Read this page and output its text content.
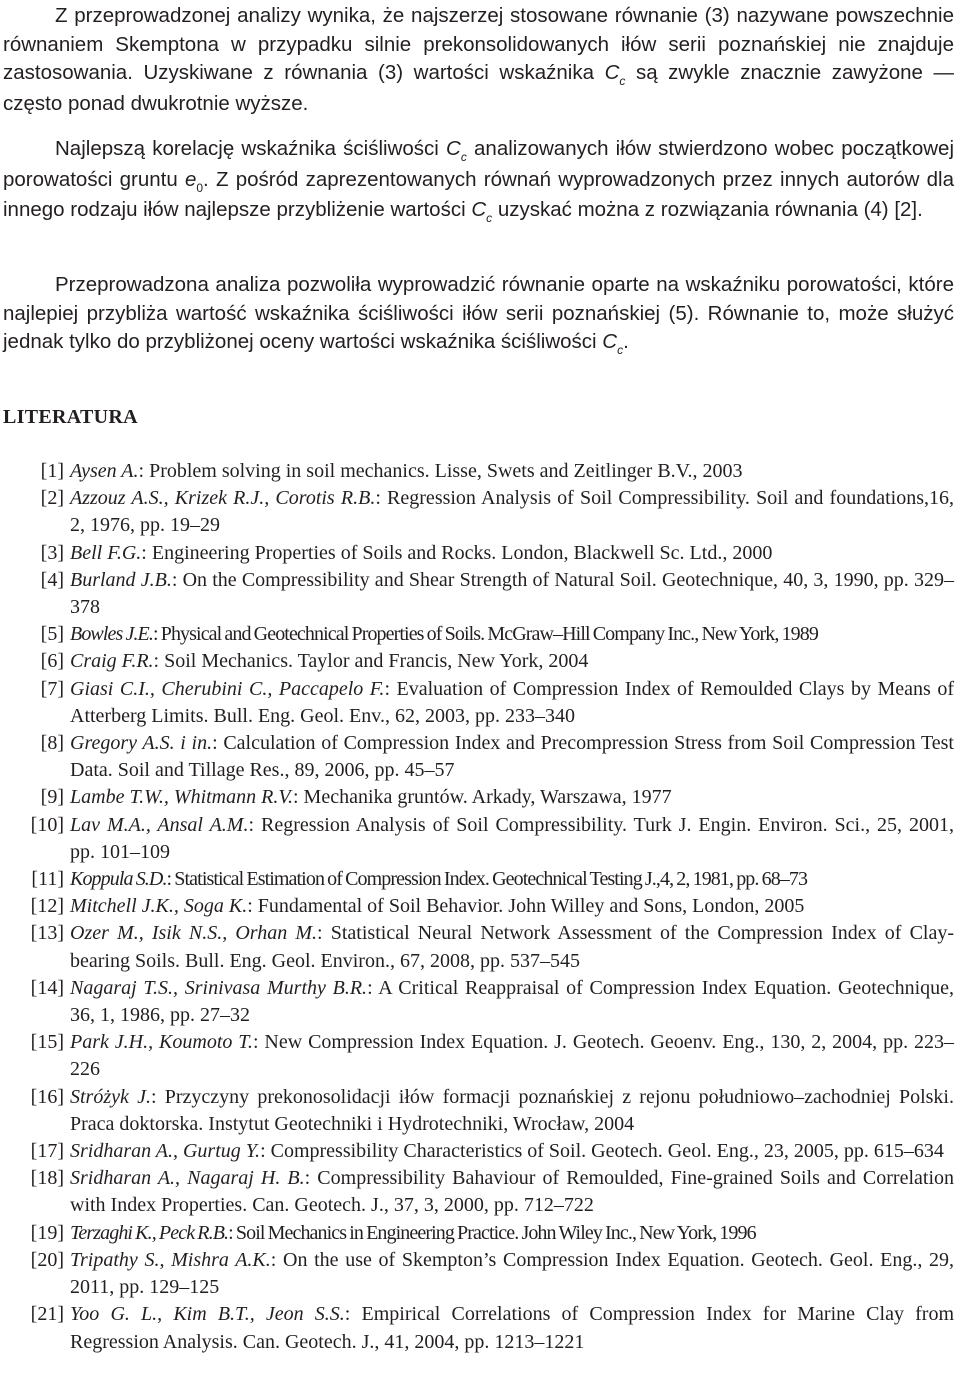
Z przeprowadzonej analizy wynika, że najszerzej stosowane równanie (3) nazywane powszechnie równaniem Skemptona w przypadku silnie prekonsolidowanych iłów serii poznańskiej nie znajduje zastosowania. Uzyskiwane z równania (3) wartości wskaźnika $C_c$ są zwykle znacznie zawyżone — często ponad dwukrotnie wyższe.

Najlepszą korelację wskaźnika ściśliwości $C_c$ analizowanych iłów stwierdzono wobec początkowej porowatości gruntu $e_0$. Z pośród zaprezentowanych równań wyprowadzonych przez innych autorów dla innego rodzaju iłów najlepsze przybliżenie wartości $C_c$ uzyskać można z rozwiązania równania (4) [2].

Przeprowadzona analiza pozwoliła wyprowadzić równanie oparte na wskaźniku porowatości, które najlepiej przybliża wartość wskaźnika ściśliwości iłów serii poznańskiej (5). Równanie to, może służyć jednak tylko do przybliżonej oceny wartości wskaźnika ściśliwości $C_c$.

LITERATURA
[1] Aysen A.: Problem solving in soil mechanics. Lisse, Swets and Zeitlinger B.V., 2003
[2] Azzouz A.S., Krizek R.J., Corotis R.B.: Regression Analysis of Soil Compressibility. Soil and foundations,16, 2, 1976, pp. 19–29
[3] Bell F.G.: Engineering Properties of Soils and Rocks. London, Blackwell Sc. Ltd., 2000
[4] Burland J.B.: On the Compressibility and Shear Strength of Natural Soil. Geotechnique, 40, 3, 1990, pp. 329–378
[5] Bowles J.E.: Physical and Geotechnical Properties of Soils. McGraw–Hill Company Inc., New York, 1989
[6] Craig F.R.: Soil Mechanics. Taylor and Francis, New York, 2004
[7] Giasi C.I., Cherubini C., Paccapelo F.: Evaluation of Compression Index of Remoulded Clays by Means of Atterberg Limits. Bull. Eng. Geol. Env., 62, 2003, pp. 233–340
[8] Gregory A.S. i in.: Calculation of Compression Index and Precompression Stress from Soil Compression Test Data. Soil and Tillage Res., 89, 2006, pp. 45–57
[9] Lambe T.W., Whitmann R.V.: Mechanika gruntów. Arkady, Warszawa, 1977
[10] Lav M.A., Ansal A.M.: Regression Analysis of Soil Compressibility. Turk J. Engin. Environ. Sci., 25, 2001, pp. 101–109
[11] Koppula S.D.: Statistical Estimation of Compression Index. Geotechnical Testing J.,4, 2, 1981, pp. 68–73
[12] Mitchell J.K., Soga K.: Fundamental of Soil Behavior. John Willey and Sons, London, 2005
[13] Ozer M., Isik N.S., Orhan M.: Statistical Neural Network Assessment of the Compression Index of Clay-bearing Soils. Bull. Eng. Geol. Environ., 67, 2008, pp. 537–545
[14] Nagaraj T.S., Srinivasa Murthy B.R.: A Critical Reappraisal of Compression Index Equation. Geotechnique, 36, 1, 1986, pp. 27–32
[15] Park J.H., Koumoto T.: New Compression Index Equation. J. Geotech. Geoenv. Eng., 130, 2, 2004, pp. 223–226
[16] Stróżyk J.: Przyczyny prekonosolidacji iłów formacji poznańskiej z rejonu południowo–zachodniej Polski. Praca doktorska. Instytut Geotechniki i Hydrotechniki, Wrocław, 2004
[17] Sridharan A., Gurtug Y.: Compressibility Characteristics of Soil. Geotech. Geol. Eng., 23, 2005, pp. 615–634
[18] Sridharan A., Nagaraj H. B.: Compressibility Bahaviour of Remoulded, Fine-grained Soils and Correlation with Index Properties. Can. Geotech. J., 37, 3, 2000, pp. 712–722
[19] Terzaghi K., Peck R.B.: Soil Mechanics in Engineering Practice. John Wiley Inc., New York, 1996
[20] Tripathy S., Mishra A.K.: On the use of Skempton’s Compression Index Equation. Geotech. Geol. Eng., 29, 2011, pp. 129–125
[21] Yoo G. L., Kim B.T., Jeon S.S.: Empirical Correlations of Compression Index for Marine Clay from Regression Analysis. Can. Geotech. J., 41, 2004, pp. 1213–1221
